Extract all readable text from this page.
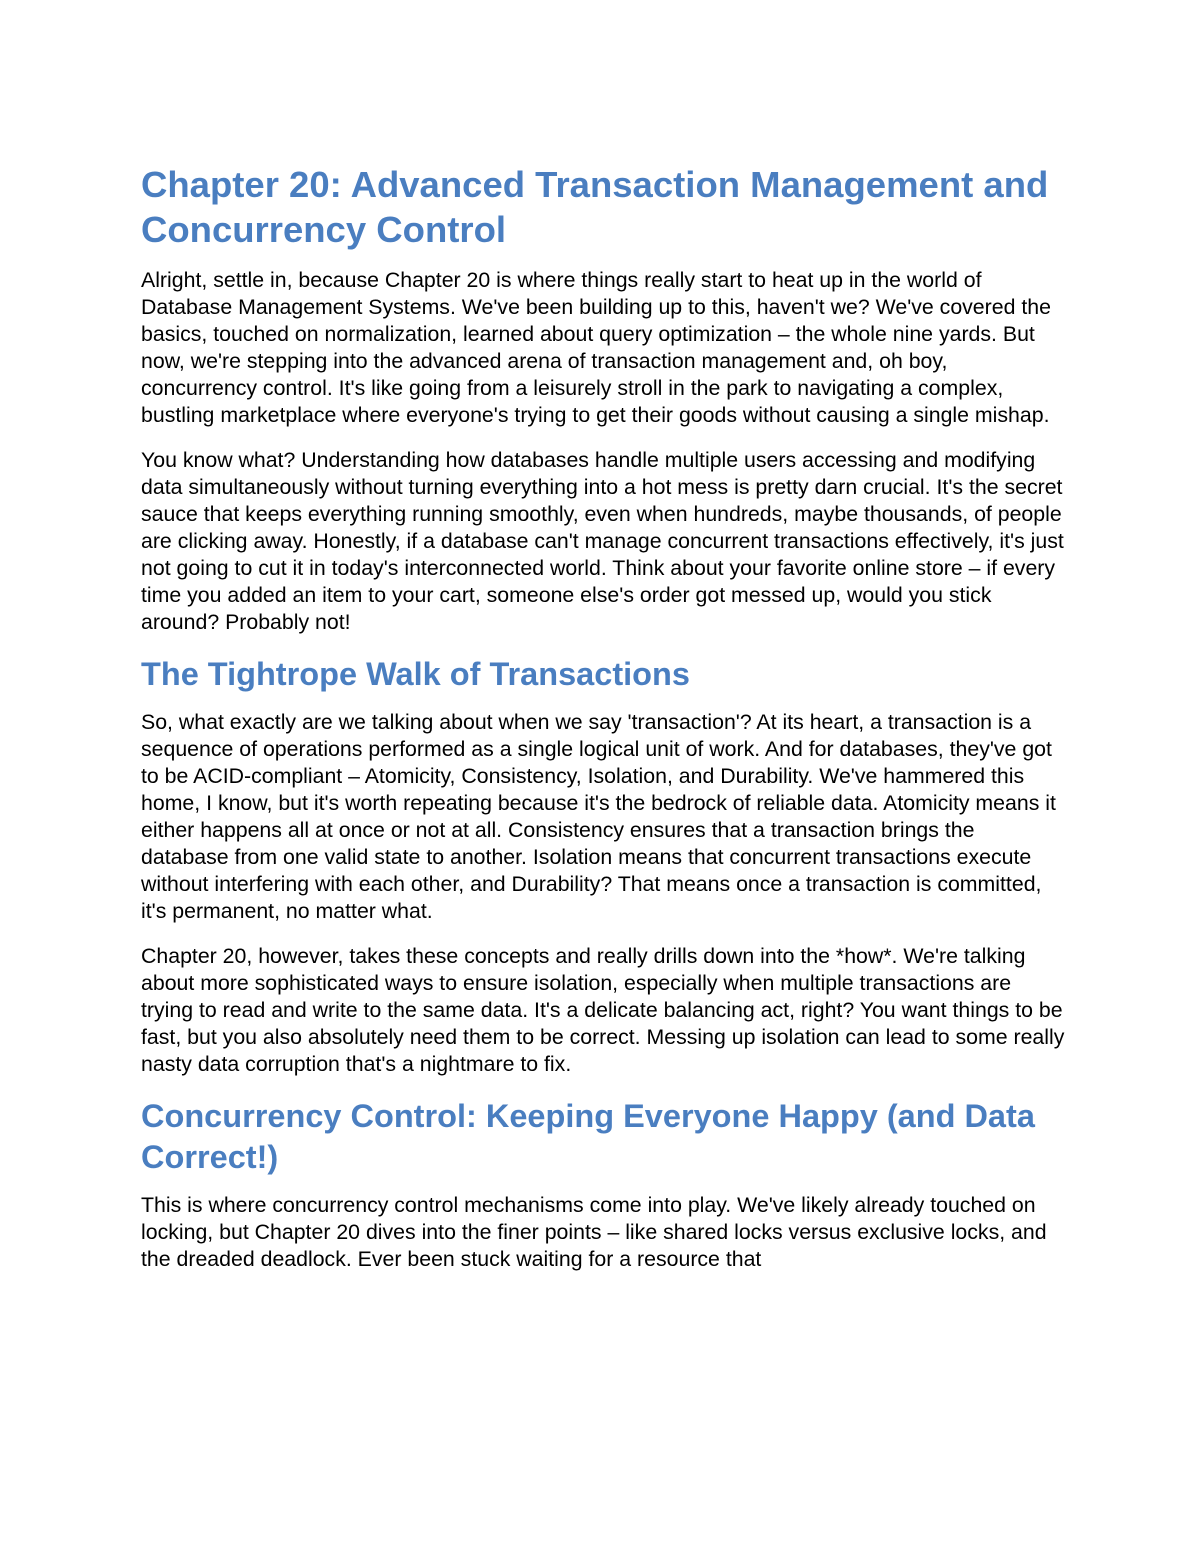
Chapter 20: Advanced Transaction Management and Concurrency Control

Alright, settle in, because Chapter 20 is where things really start to heat up in the world of Database Management Systems. We've been building up to this, haven't we? We've covered the basics, touched on normalization, learned about query optimization – the whole nine yards. But now, we're stepping into the advanced arena of transaction management and, oh boy, concurrency control. It's like going from a leisurely stroll in the park to navigating a complex, bustling marketplace where everyone's trying to get their goods without causing a single mishap.

You know what? Understanding how databases handle multiple users accessing and modifying data simultaneously without turning everything into a hot mess is pretty darn crucial. It's the secret sauce that keeps everything running smoothly, even when hundreds, maybe thousands, of people are clicking away. Honestly, if a database can't manage concurrent transactions effectively, it's just not going to cut it in today's interconnected world. Think about your favorite online store – if every time you added an item to your cart, someone else's order got messed up, would you stick around? Probably not!

The Tightrope Walk of Transactions

So, what exactly are we talking about when we say 'transaction'? At its heart, a transaction is a sequence of operations performed as a single logical unit of work. And for databases, they've got to be ACID-compliant – Atomicity, Consistency, Isolation, and Durability. We've hammered this home, I know, but it's worth repeating because it's the bedrock of reliable data. Atomicity means it either happens all at once or not at all. Consistency ensures that a transaction brings the database from one valid state to another. Isolation means that concurrent transactions execute without interfering with each other, and Durability? That means once a transaction is committed, it's permanent, no matter what.

Chapter 20, however, takes these concepts and really drills down into the *how*. We're talking about more sophisticated ways to ensure isolation, especially when multiple transactions are trying to read and write to the same data. It's a delicate balancing act, right? You want things to be fast, but you also absolutely need them to be correct. Messing up isolation can lead to some really nasty data corruption that's a nightmare to fix.

Concurrency Control: Keeping Everyone Happy (and Data Correct!)

This is where concurrency control mechanisms come into play. We've likely already touched on locking, but Chapter 20 dives into the finer points – like shared locks versus exclusive locks, and the dreaded deadlock. Ever been stuck waiting for a resource that
